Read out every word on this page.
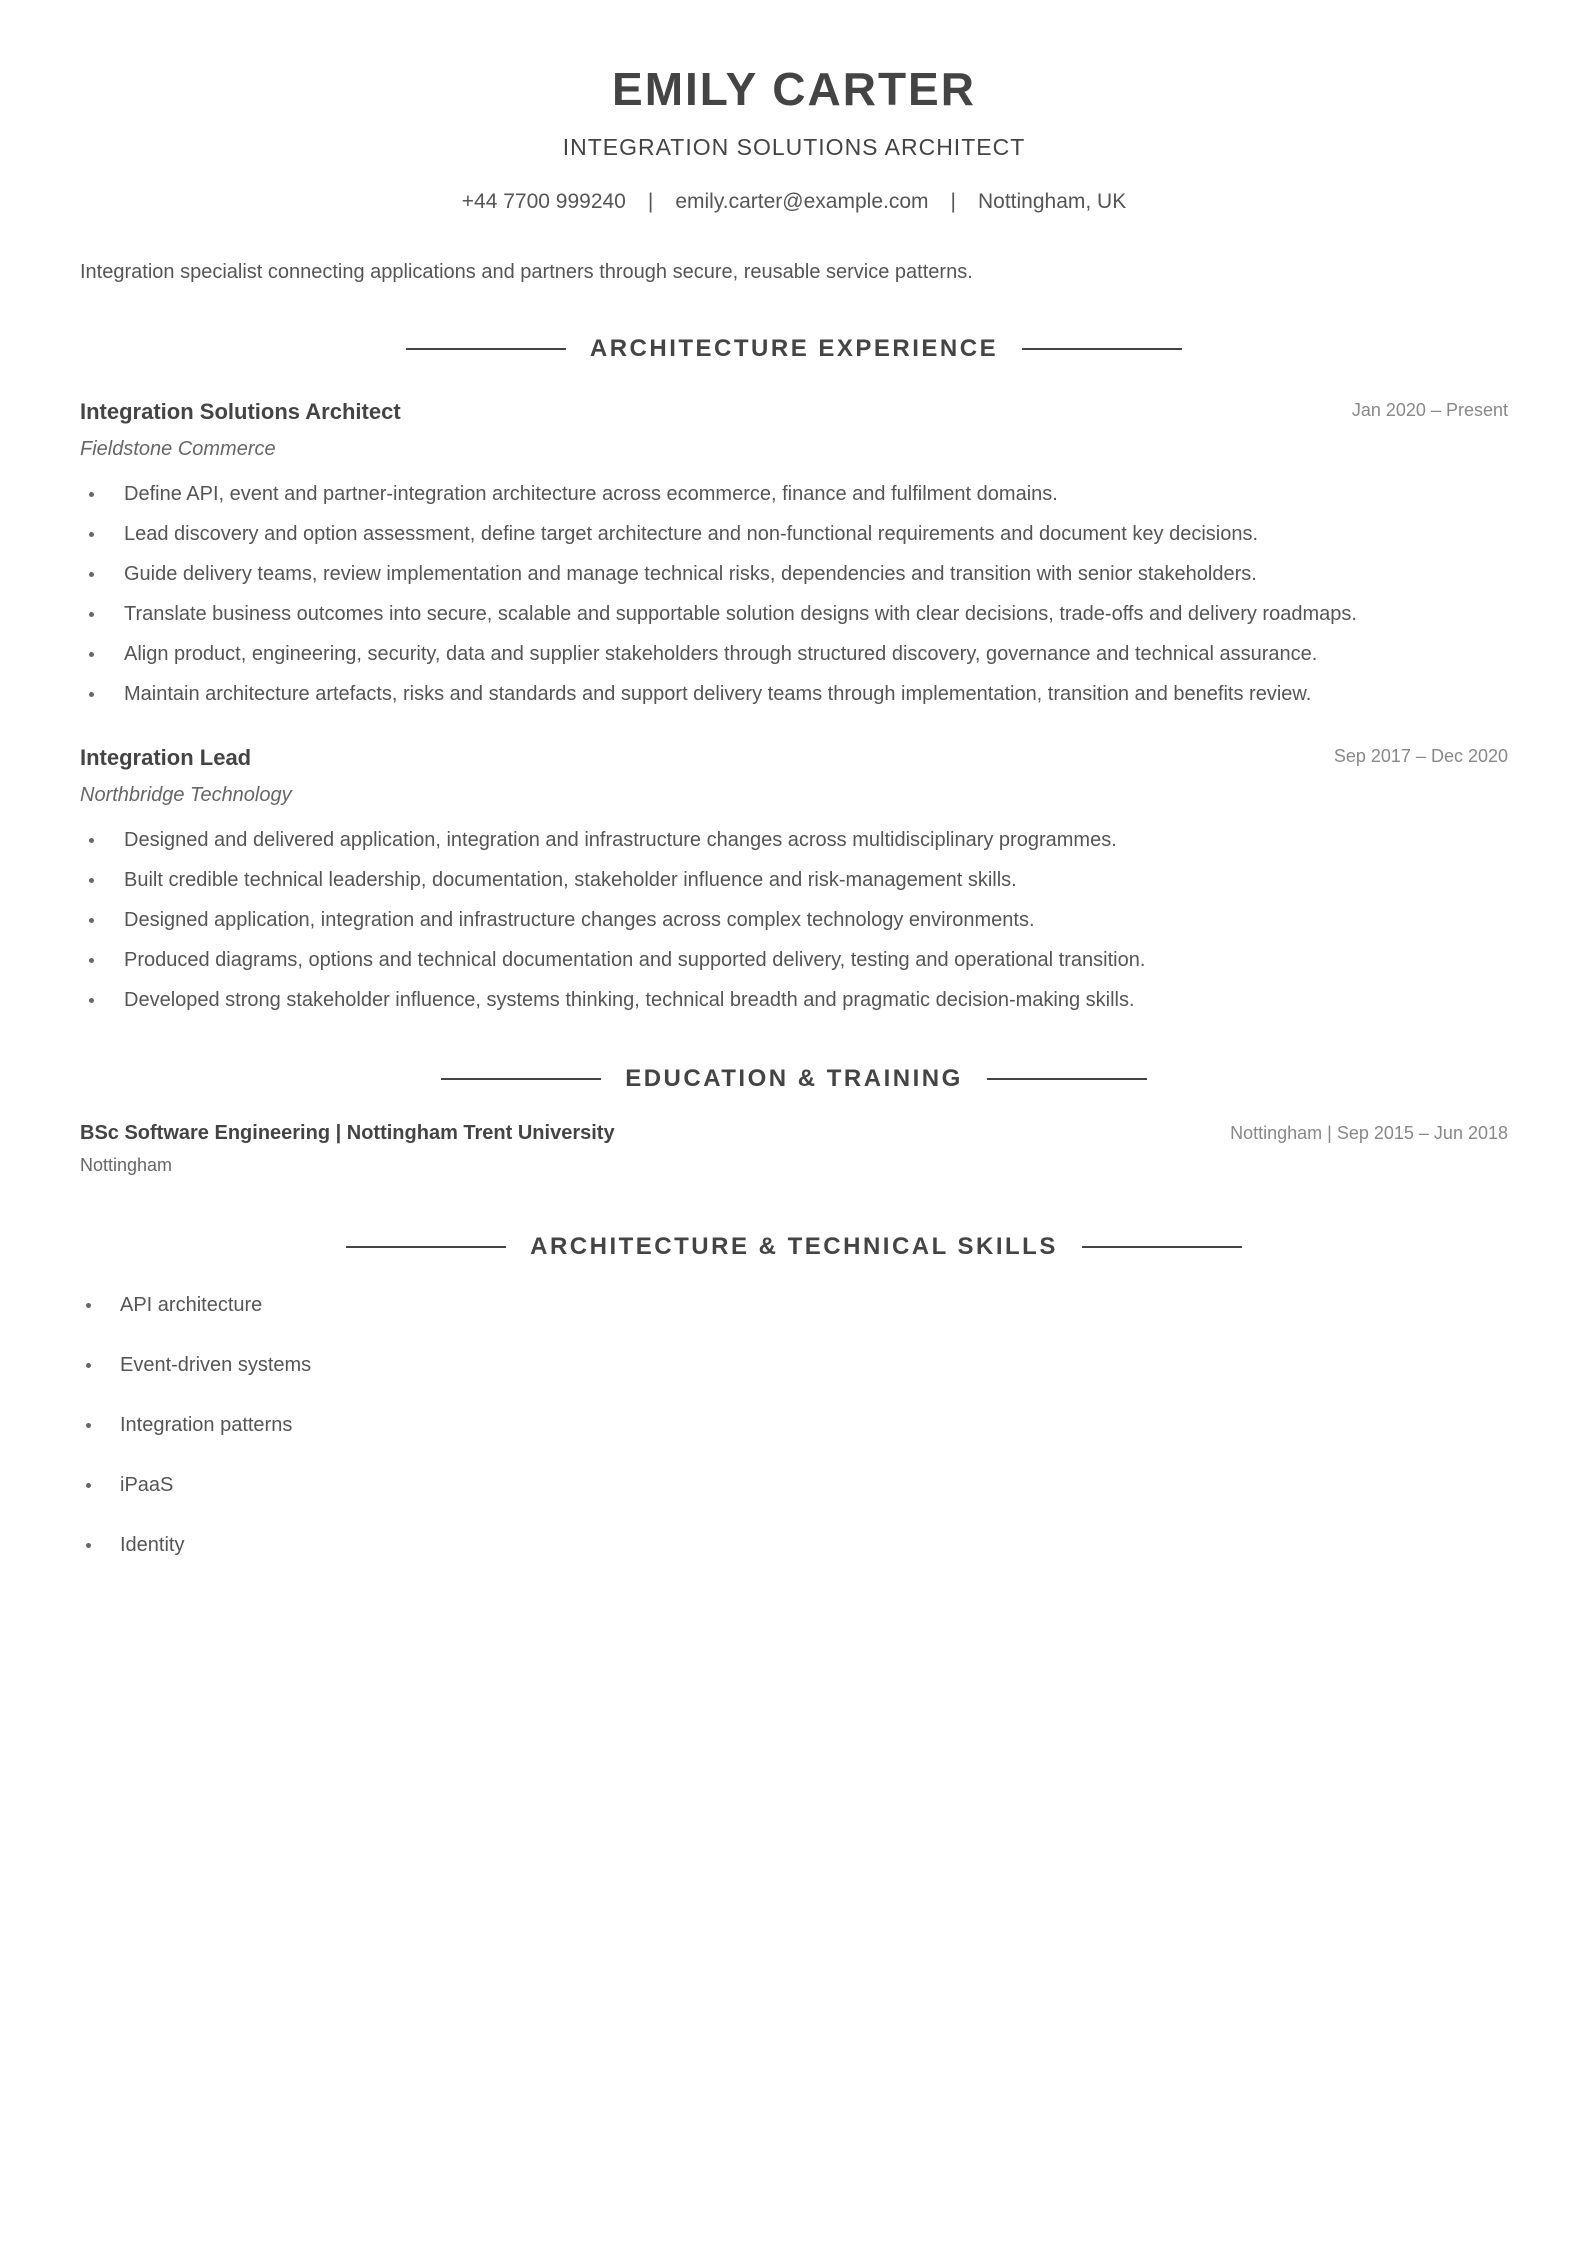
EMILY CARTER
INTEGRATION SOLUTIONS ARCHITECT
+44 7700 999240 | emily.carter@example.com | Nottingham, UK
Integration specialist connecting applications and partners through secure, reusable service patterns.
ARCHITECTURE EXPERIENCE
Integration Solutions Architect	Jan 2020 – Present
Fieldstone Commerce
Define API, event and partner-integration architecture across ecommerce, finance and fulfilment domains.
Lead discovery and option assessment, define target architecture and non-functional requirements and document key decisions.
Guide delivery teams, review implementation and manage technical risks, dependencies and transition with senior stakeholders.
Translate business outcomes into secure, scalable and supportable solution designs with clear decisions, trade-offs and delivery roadmaps.
Align product, engineering, security, data and supplier stakeholders through structured discovery, governance and technical assurance.
Maintain architecture artefacts, risks and standards and support delivery teams through implementation, transition and benefits review.
Integration Lead	Sep 2017 – Dec 2020
Northbridge Technology
Designed and delivered application, integration and infrastructure changes across multidisciplinary programmes.
Built credible technical leadership, documentation, stakeholder influence and risk-management skills.
Designed application, integration and infrastructure changes across complex technology environments.
Produced diagrams, options and technical documentation and supported delivery, testing and operational transition.
Developed strong stakeholder influence, systems thinking, technical breadth and pragmatic decision-making skills.
EDUCATION & TRAINING
BSc Software Engineering | Nottingham Trent University	Nottingham | Sep 2015 – Jun 2018
Nottingham
ARCHITECTURE & TECHNICAL SKILLS
API architecture
Event-driven systems
Integration patterns
iPaaS
Identity
